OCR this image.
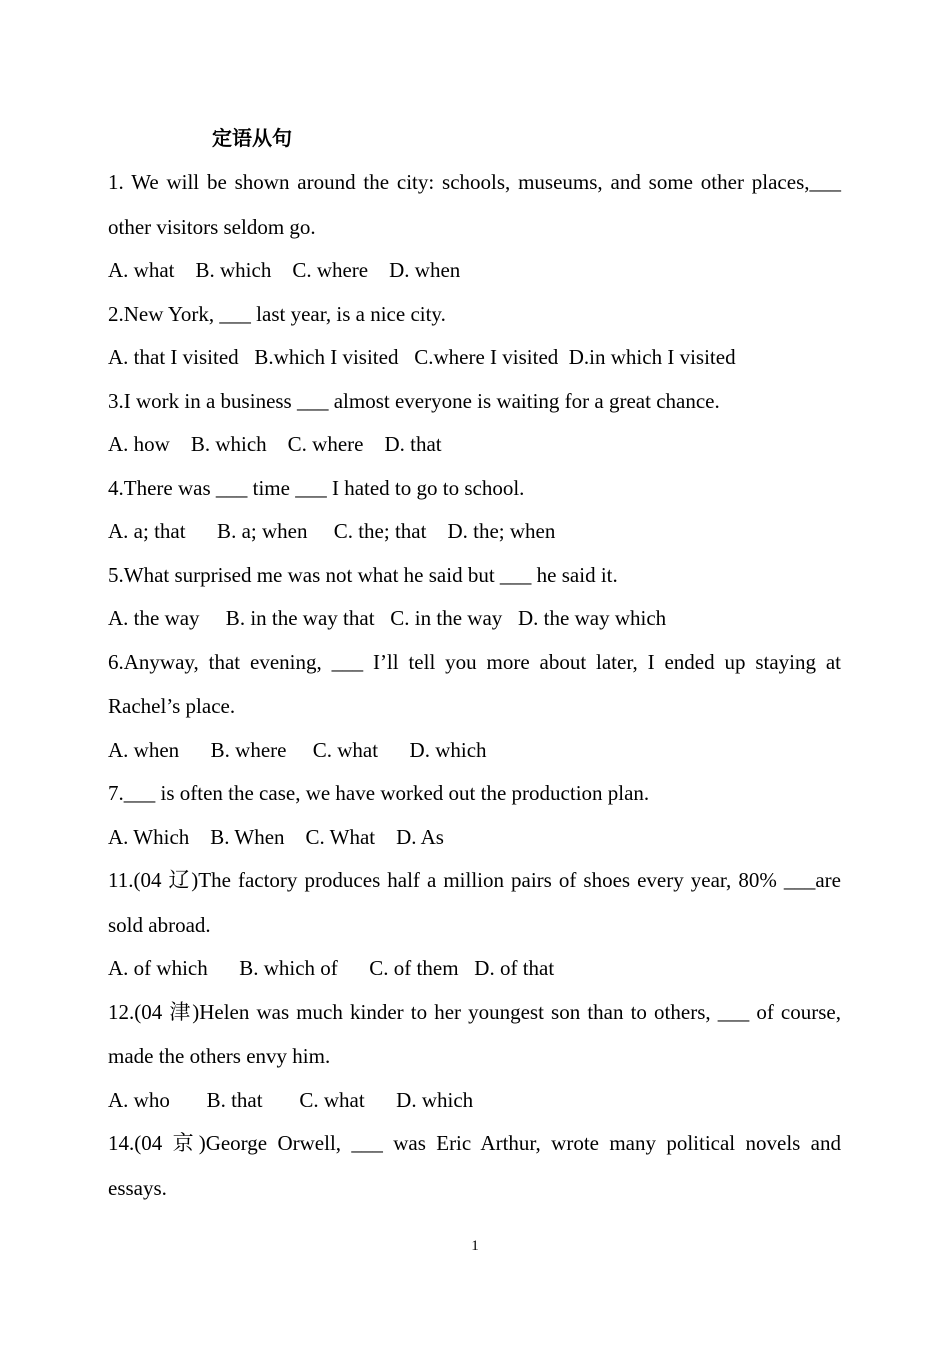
定语从句

1. We will be shown around the city: schools, museums, and some other places,___ other visitors seldom go.

A. what    B. which    C. where    D. when

2.New York, ___ last year, is a nice city.

A. that I visited   B.which I visited   C.where I visited  D.in which I visited

3.I work in a business ___ almost everyone is waiting for a great chance.

A. how    B. which    C. where    D. that

4.There was ___ time ___ I hated to go to school.

A. a; that      B. a; when     C. the; that    D. the; when

5.What surprised me was not what he said but ___ he said it.

A. the way     B. in the way that   C. in the way   D. the way which

6.Anyway, that evening, ___ I’ll tell you more about later, I ended up staying at Rachel’s place.

A. when      B. where     C. what      D. which

7.___ is often the case, we have worked out the production plan.

A. Which    B. When    C. What    D. As

11.(04 辽)The factory produces half a million pairs of shoes every year, 80% ___are sold abroad.

A. of which      B. which of      C. of them   D. of that

12.(04 津)Helen was much kinder to her youngest son than to others, ___ of course, made the others envy him.

A. who       B. that       C. what      D. which

14.(04 京)George Orwell, ___ was Eric Arthur, wrote many political novels and essays.

1
